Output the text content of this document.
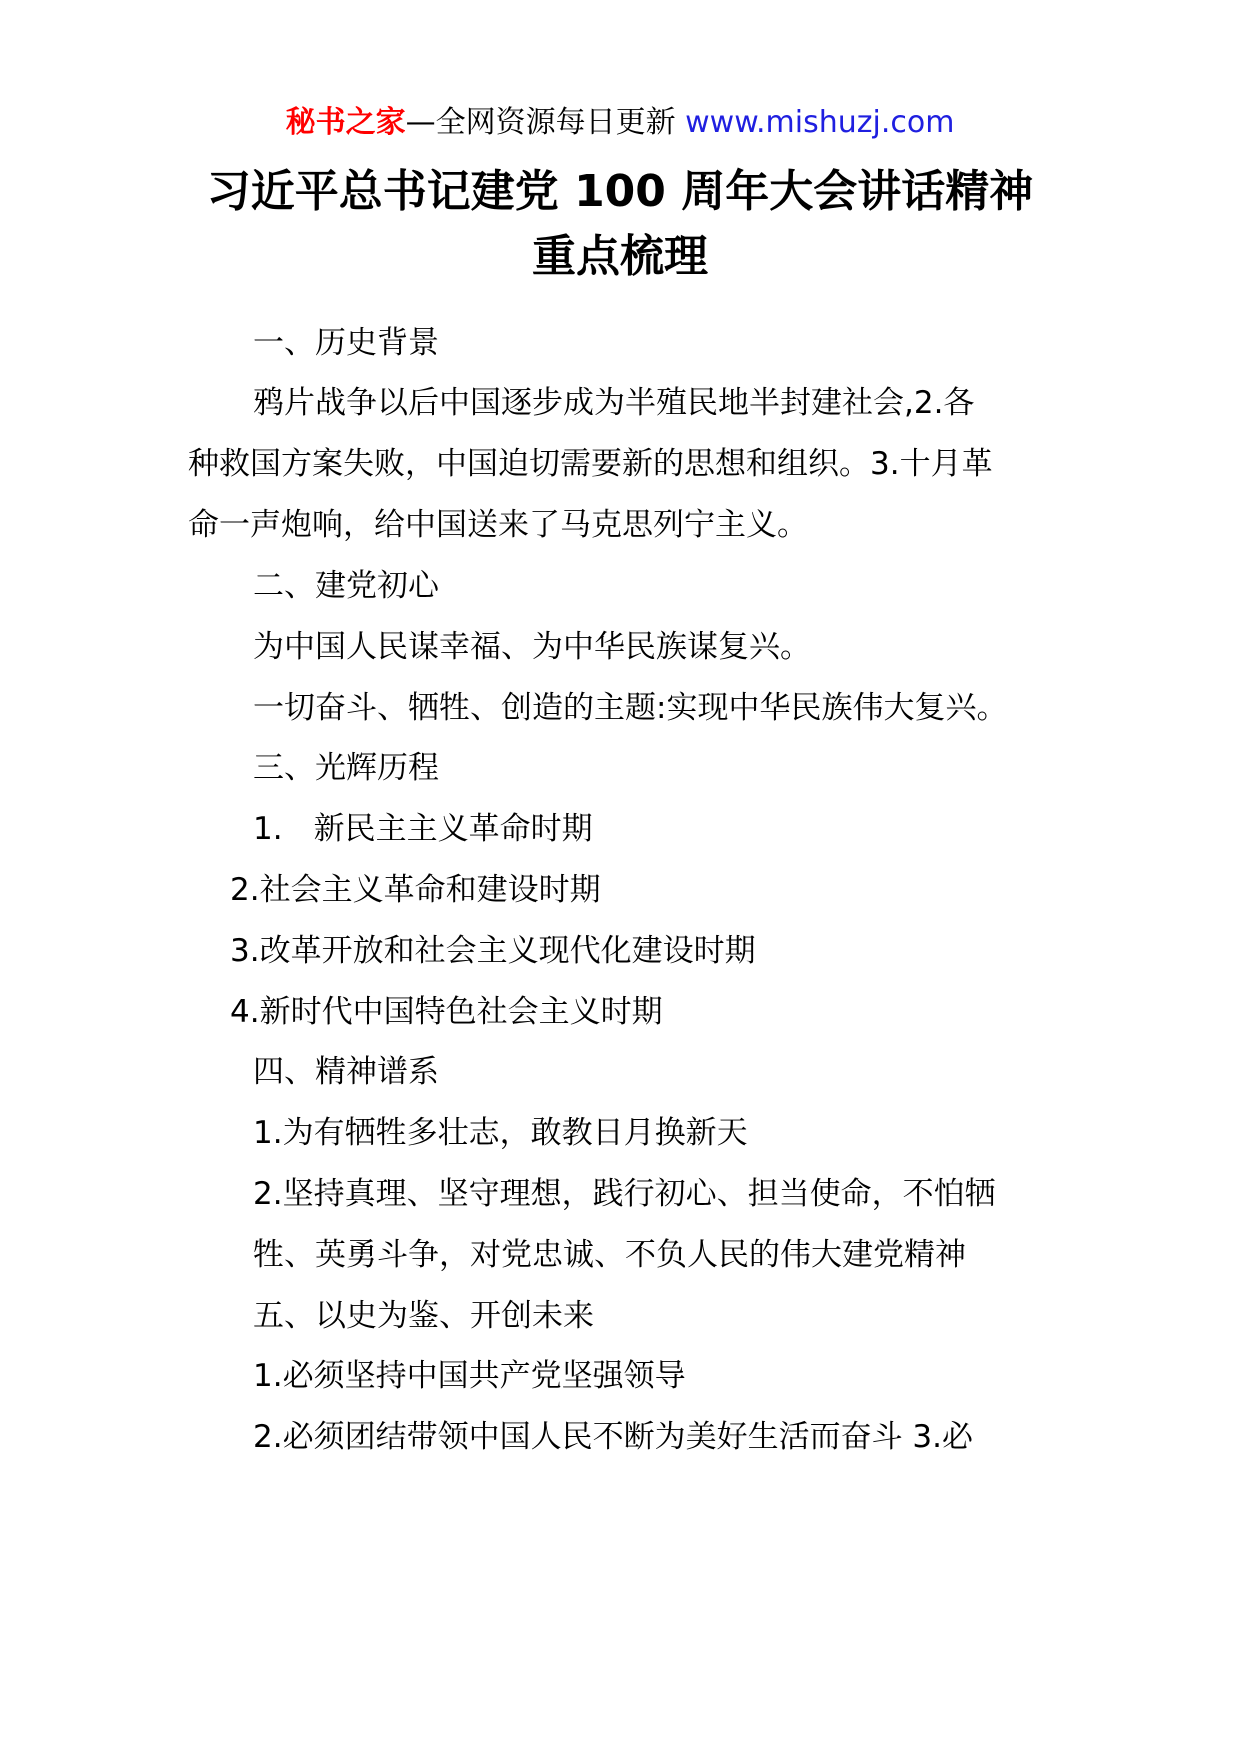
秘书之家—全网资源每日更新 www.mishuzj.com
习近平总书记建党 100 周年大会讲话精神
重点梳理
一、历史背景
鸦片战争以后中国逐步成为半殖民地半封建社会,2.各
种救国方案失败，中国迫切需要新的思想和组织。3.十月革
命一声炮响，给中国送来了马克思列宁主义。
二、建党初心
为中国人民谋幸福、为中华民族谋复兴。
一切奋斗、牺牲、创造的主题:实现中华民族伟大复兴。
三、光辉历程
1.　新民主主义革命时期
2.社会主义革命和建设时期
3.改革开放和社会主义现代化建设时期
4.新时代中国特色社会主义时期
四、精神谱系
1.为有牺牲多壮志，敢教日月换新天
2.坚持真理、坚守理想，践行初心、担当使命，不怕牺
牲、英勇斗争，对党忠诚、不负人民的伟大建党精神
五、以史为鉴、开创未来
1.必须坚持中国共产党坚强领导
2.必须团结带领中国人民不断为美好生活而奋斗 3.必
